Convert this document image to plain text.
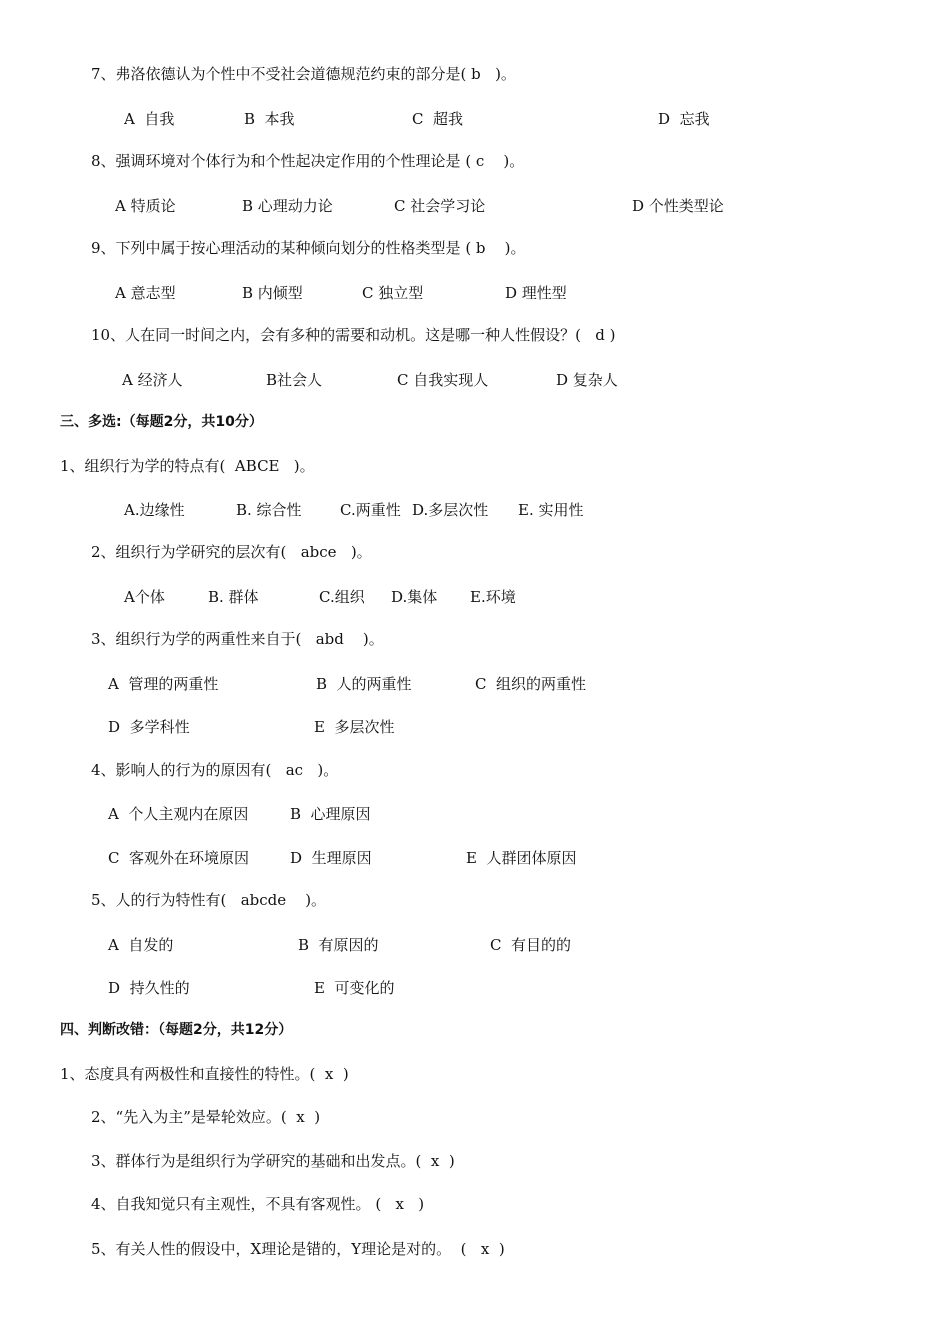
7、弗洛依德认为个性中不受社会道德规范约束的部分是( b   )。
A  自我	B  本我	C  超我	D  忘我
8、强调环境对个体行为和个性起决定作用的个性理论是 ( c    )。
A 特质论	B 心理动力论	C 社会学习论	D 个性类型论
9、下列中属于按心理活动的某种倾向划分的性格类型是 ( b    )。
A 意志型	B 内倾型	C 独立型	D 理性型
10、人在同一时间之内，会有多种的需要和动机。这是哪一种人性假设？(   d )
A 经济人	B社会人	C 自我实现人	D 复杂人
三、多选:（每题2分，共10分）
1、组织行为学的特点有(  ABCE   )。
A.边缘性	B. 综合性	C.两重性 D.多层次性 E. 实用性
2、组织行为学研究的层次有(   abce   )。
A个体	B. 群体	C.组织 D.集体 E.环境
3、组织行为学的两重性来自于(   abd    )。
A  管理的两重性	B  人的两重性	C  组织的两重性
D  多学科性	E  多层次性
4、影响人的行为的原因有(   ac   )。
A  个人主观内在原因	B  心理原因
C  客观外在环境原因	D  生理原因	E  人群团体原因
5、人的行为特性有(   abcde    )。
A  自发的	B  有原因的	C  有目的的
D  持久性的	E  可变化的
四、判断改错：（每题2分，共12分）
1、态度具有两极性和直接性的特性。(  x  )
2、“先入为主”是晕轮效应。(  x  )
3、群体行为是组织行为学研究的基础和出发点。(  x  )
4、自我知觉只有主观性，不具有客观性。 (   x   )
5、有关人性的假设中，X理论是错的，Y理论是对的。  (   x  )
